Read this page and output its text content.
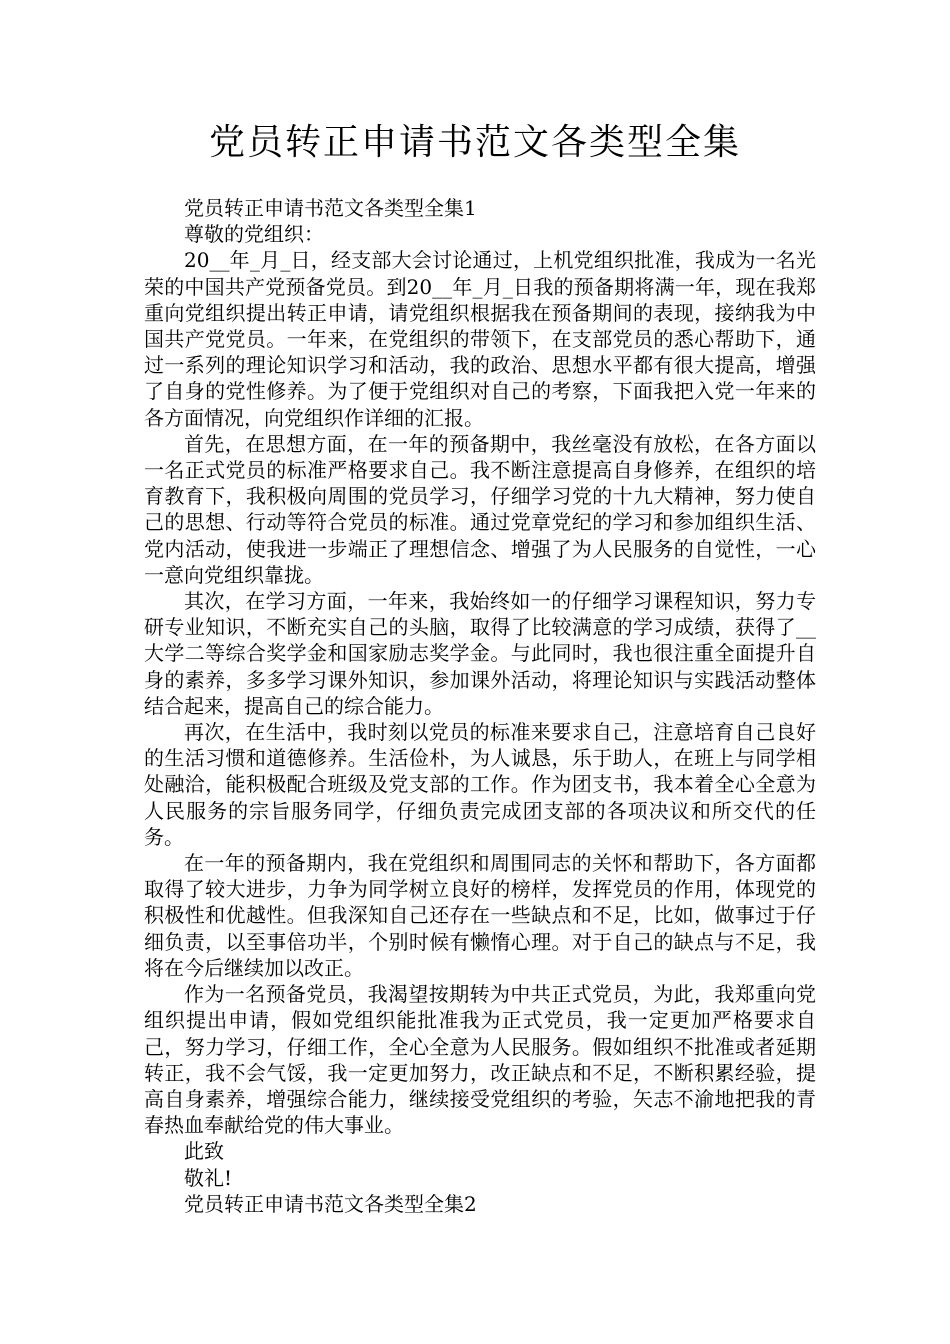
党员转正申请书范文各类型全集

党员转正申请书范文各类型全集1

尊敬的党组织：

20__年_月_日，经支部大会讨论通过，上机党组织批准，我成为一名光荣的中国共产党预备党员。到20__年_月_日我的预备期将满一年，现在我郑重向党组织提出转正申请，请党组织根据我在预备期间的表现，接纳我为中国共产党党员。一年来，在党组织的带领下，在支部党员的悉心帮助下，通过一系列的理论知识学习和活动，我的政治、思想水平都有很大提高，增强了自身的党性修养。为了便于党组织对自己的考察，下面我把入党一年来的各方面情况，向党组织作详细的汇报。

首先，在思想方面，在一年的预备期中，我丝毫没有放松，在各方面以一名正式党员的标准严格要求自己。我不断注意提高自身修养，在组织的培育教育下，我积极向周围的党员学习，仔细学习党的十九大精神，努力使自己的思想、行动等符合党员的标准。通过党章党纪的学习和参加组织生活、党内活动，使我进一步端正了理想信念、增强了为人民服务的自觉性，一心一意向党组织靠拢。

其次，在学习方面，一年来，我始终如一的仔细学习课程知识，努力专研专业知识，不断充实自己的头脑，取得了比较满意的学习成绩，获得了__大学二等综合奖学金和国家励志奖学金。与此同时，我也很注重全面提升自身的素养，多多学习课外知识，参加课外活动，将理论知识与实践活动整体结合起来，提高自己的综合能力。

再次，在生活中，我时刻以党员的标准来要求自己，注意培育自己良好的生活习惯和道德修养。生活俭朴，为人诚恳，乐于助人，在班上与同学相处融洽，能积极配合班级及党支部的工作。作为团支书，我本着全心全意为人民服务的宗旨服务同学，仔细负责完成团支部的各项决议和所交代的任务。

在一年的预备期内，我在党组织和周围同志的关怀和帮助下，各方面都取得了较大进步，力争为同学树立良好的榜样，发挥党员的作用，体现党的积极性和优越性。但我深知自己还存在一些缺点和不足，比如，做事过于仔细负责，以至事倍功半，个别时候有懒惰心理。对于自己的缺点与不足，我将在今后继续加以改正。

作为一名预备党员，我渴望按期转为中共正式党员，为此，我郑重向党组织提出申请，假如党组织能批准我为正式党员，我一定更加严格要求自己，努力学习，仔细工作，全心全意为人民服务。假如组织不批准或者延期转正，我不会气馁，我一定更加努力，改正缺点和不足，不断积累经验，提高自身素养，增强综合能力，继续接受党组织的考验，矢志不渝地把我的青春热血奉献给党的伟大事业。

此致

敬礼!

党员转正申请书范文各类型全集2
